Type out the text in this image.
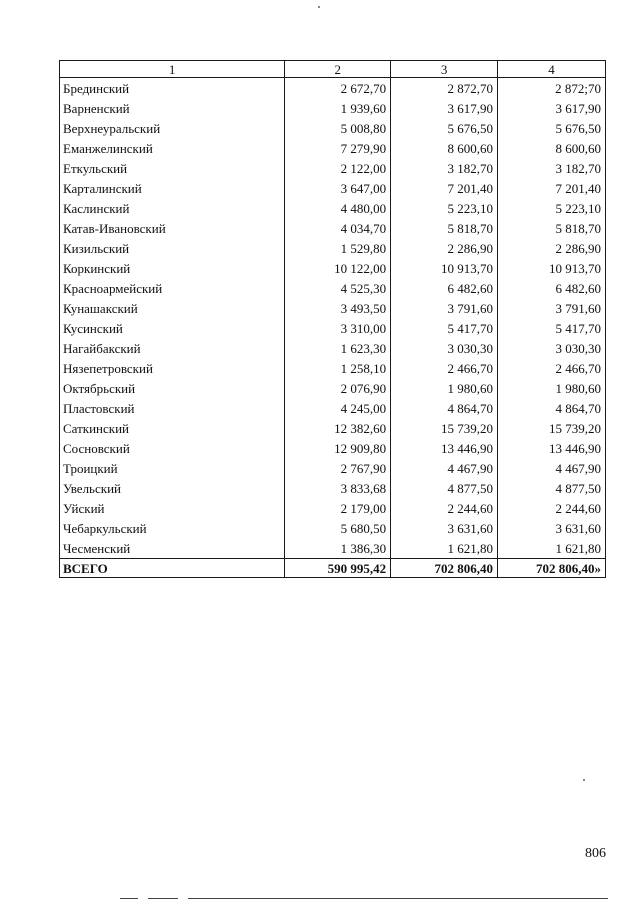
1	2	3	4
Брединский	2 672,70	2 872,70	2 872;70
Варненский	1 939,60	3 617,90	3 617,90
Верхнеуральский	5 008,80	5 676,50	5 676,50
Еманжелинский	7 279,90	8 600,60	8 600,60
Еткульский	2 122,00	3 182,70	3 182,70
Карталинский	3 647,00	7 201,40	7 201,40
Каслинский	4 480,00	5 223,10	5 223,10
Катав-Ивановский	4 034,70	5 818,70	5 818,70
Кизильский	1 529,80	2 286,90	2 286,90
Коркинский	10 122,00	10 913,70	10 913,70
Красноармейский	4 525,30	6 482,60	6 482,60
Кунашакский	3 493,50	3 791,60	3 791,60
Кусинский	3 310,00	5 417,70	5 417,70
Нагайбакский	1 623,30	3 030,30	3 030,30
Нязепетровский	1 258,10	2 466,70	2 466,70
Октябрьский	2 076,90	1 980,60	1 980,60
Пластовский	4 245,00	4 864,70	4 864,70
Саткинский	12 382,60	15 739,20	15 739,20
Сосновский	12 909,80	13 446,90	13 446,90
Троицкий	2 767,90	4 467,90	4 467,90
Увельский	3 833,68	4 877,50	4 877,50
Уйский	2 179,00	2 244,60	2 244,60
Чебаркульский	5 680,50	3 631,60	3 631,60
Чесменский	1 386,30	1 621,80	1 621,80
ВСЕГО	590 995,42	702 806,40	702 806,40»
806
